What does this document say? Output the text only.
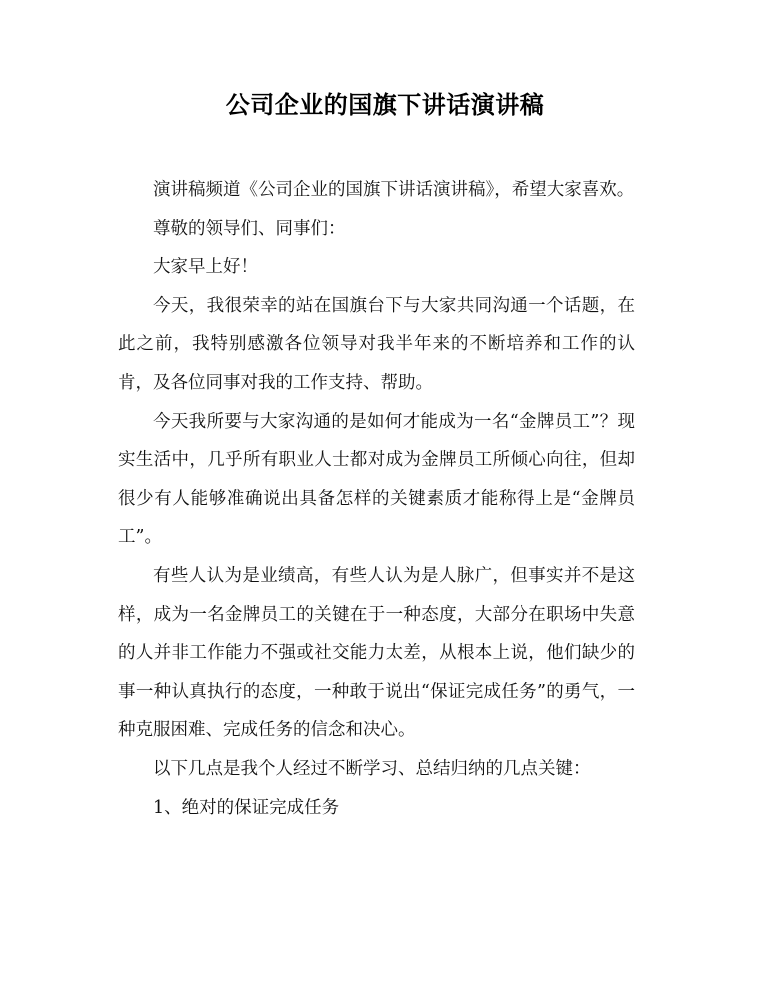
公司企业的国旗下讲话演讲稿

演讲稿频道《公司企业的国旗下讲话演讲稿》，希望大家喜欢。

尊敬的领导们、同事们：

大家早上好！

今天，我很荣幸的站在国旗台下与大家共同沟通一个话题，在此之前，我特别感激各位领导对我半年来的不断培养和工作的认肯，及各位同事对我的工作支持、帮助。

今天我所要与大家沟通的是如何才能成为一名“金牌员工”？现实生活中，几乎所有职业人士都对成为金牌员工所倾心向往，但却很少有人能够准确说出具备怎样的关键素质才能称得上是“金牌员工”。

有些人认为是业绩高，有些人认为是人脉广，但事实并不是这样，成为一名金牌员工的关键在于一种态度，大部分在职场中失意的人并非工作能力不强或社交能力太差，从根本上说，他们缺少的事一种认真执行的态度，一种敢于说出“保证完成任务”的勇气，一种克服困难、完成任务的信念和决心。

以下几点是我个人经过不断学习、总结归纳的几点关键：

1、绝对的保证完成任务
